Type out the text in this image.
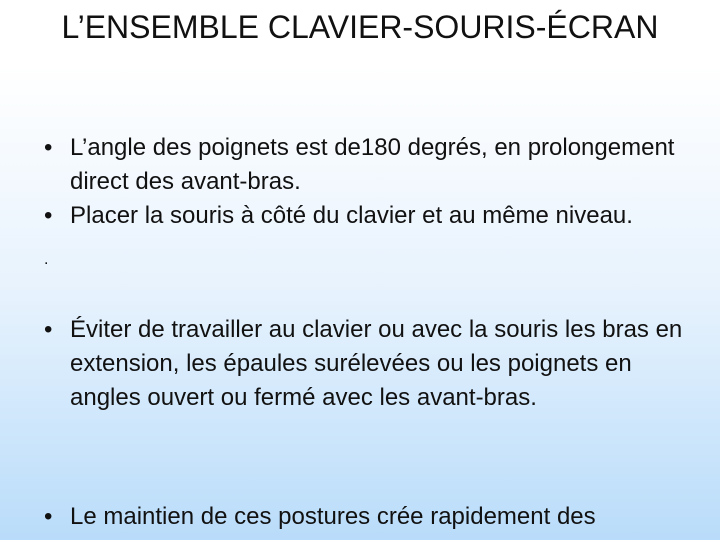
L’ENSEMBLE CLAVIER-SOURIS-ÉCRAN
• L’angle des poignets est de180 degrés, en prolongement direct des avant-bras.
• Placer la souris à côté du clavier et au même niveau.
.
• Éviter de travailler au clavier ou avec la souris les bras en extension, les épaules surélevées ou les poignets en angles ouvert ou fermé avec les avant-bras.
• Le maintien de ces postures crée rapidement des
